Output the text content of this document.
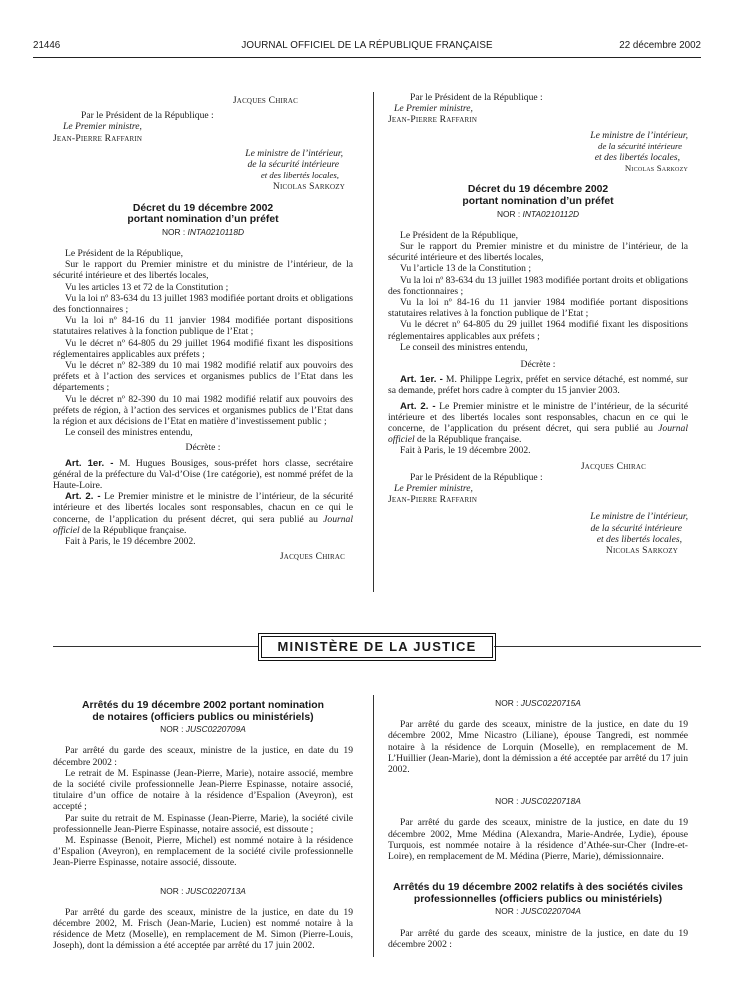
21446	JOURNAL OFFICIEL DE LA RÉPUBLIQUE FRANÇAISE	22 décembre 2002

Jacques Chirac

Par le Président de la République :

Le Premier ministre,

Jean-Pierre Raffarin

Le ministre de l’intérieur,

de la sécurité intérieure

et des libertés locales,

Nicolas Sarkozy

Décret du 19 décembre 2002

portant nomination d’un préfet

NOR : INTA0210118D

Le Président de la République,

Sur le rapport du Premier ministre et du ministre de l’intérieur, de la sécurité intérieure et des libertés locales,

Vu les articles 13 et 72 de la Constitution ;

Vu la loi nº 83-634 du 13 juillet 1983 modifiée portant droits et obligations des fonctionnaires ;

Vu la loi nº 84-16 du 11 janvier 1984 modifiée portant dispositions statutaires relatives à la fonction publique de l’Etat ;

Vu le décret nº 64-805 du 29 juillet 1964 modifié fixant les dispositions réglementaires applicables aux préfets ;

Vu le décret nº 82-389 du 10 mai 1982 modifié relatif aux pouvoirs des préfets et à l’action des services et organismes publics de l’Etat dans les départements ;

Vu le décret nº 82-390 du 10 mai 1982 modifié relatif aux pouvoirs des préfets de région, à l’action des services et organismes publics de l’Etat dans la région et aux décisions de l’Etat en matière d’investissement public ;

Le conseil des ministres entendu,

Décrète :

Art. 1er. - M. Hugues Bousiges, sous-préfet hors classe, secrétaire général de la préfecture du Val-d’Oise (1re catégorie), est nommé préfet de la Haute-Loire.

Art. 2. - Le Premier ministre et le ministre de l’intérieur, de la sécurité intérieure et des libertés locales sont responsables, chacun en ce qui le concerne, de l’application du présent décret, qui sera publié au Journal officiel de la République française.

Fait à Paris, le 19 décembre 2002.

Jacques Chirac

Par le Président de la République :

Le Premier ministre,

Jean-Pierre Raffarin

Le ministre de l’intérieur,

de la sécurité intérieure

et des libertés locales,

Nicolas Sarkozy

Décret du 19 décembre 2002

portant nomination d’un préfet

NOR : INTA0210112D

Le Président de la République,

Sur le rapport du Premier ministre et du ministre de l’intérieur, de la sécurité intérieure et des libertés locales,

Vu l’article 13 de la Constitution ;

Vu la loi nº 83-634 du 13 juillet 1983 modifiée portant droits et obligations des fonctionnaires ;

Vu la loi nº 84-16 du 11 janvier 1984 modifiée portant dispositions statutaires relatives à la fonction publique de l’Etat ;

Vu le décret nº 64-805 du 29 juillet 1964 modifié fixant les dispositions réglementaires applicables aux préfets ;

Le conseil des ministres entendu,

Décrète :

Art. 1er. - M. Philippe Legrix, préfet en service détaché, est nommé, sur sa demande, préfet hors cadre à compter du 15 janvier 2003.

Art. 2. - Le Premier ministre et le ministre de l’intérieur, de la sécurité intérieure et des libertés locales sont responsables, chacun en ce qui le concerne, de l’application du présent décret, qui sera publié au Journal officiel de la République française.

Fait à Paris, le 19 décembre 2002.

Jacques Chirac

Par le Président de la République :

Le Premier ministre,

Jean-Pierre Raffarin

Le ministre de l’intérieur,

de la sécurité intérieure

et des libertés locales,

Nicolas Sarkozy

MINISTÈRE DE LA JUSTICE

Arrêtés du 19 décembre 2002 portant nomination

de notaires (officiers publics ou ministériels)

NOR : JUSC0220709A

Par arrêté du garde des sceaux, ministre de la justice, en date du 19 décembre 2002 :

Le retrait de M. Espinasse (Jean-Pierre, Marie), notaire associé, membre de la société civile professionnelle Jean-Pierre Espinasse, notaire associé, titulaire d’un office de notaire à la résidence d’Espalion (Aveyron), est accepté ;

Par suite du retrait de M. Espinasse (Jean-Pierre, Marie), la société civile professionnelle Jean-Pierre Espinasse, notaire associé, est dissoute ;

M. Espinasse (Benoit, Pierre, Michel) est nommé notaire à la résidence d’Espalion (Aveyron), en remplacement de la société civile professionnelle Jean-Pierre Espinasse, notaire associé, dissoute.

NOR : JUSC0220713A

Par arrêté du garde des sceaux, ministre de la justice, en date du 19 décembre 2002, M. Frisch (Jean-Marie, Lucien) est nommé notaire à la résidence de Metz (Moselle), en remplacement de M. Simon (Pierre-Louis, Joseph), dont la démission a été acceptée par arrêté du 17 juin 2002.

NOR : JUSC0220715A

Par arrêté du garde des sceaux, ministre de la justice, en date du 19 décembre 2002, Mme Nicastro (Liliane), épouse Tangredi, est nommée notaire à la résidence de Lorquin (Moselle), en remplacement de M. L’Huillier (Jean-Marie), dont la démission a été acceptée par arrêté du 17 juin 2002.

NOR : JUSC0220718A

Par arrêté du garde des sceaux, ministre de la justice, en date du 19 décembre 2002, Mme Médina (Alexandra, Marie-Andrée, Lydie), épouse Turquois, est nommée notaire à la résidence d’Athée-sur-Cher (Indre-et-Loire), en remplacement de M. Médina (Pierre, Marie), démissionnaire.

Arrêtés du 19 décembre 2002 relatifs à des sociétés civiles

professionnelles (officiers publics ou ministériels)

NOR : JUSC0220704A

Par arrêté du garde des sceaux, ministre de la justice, en date du 19 décembre 2002 :
